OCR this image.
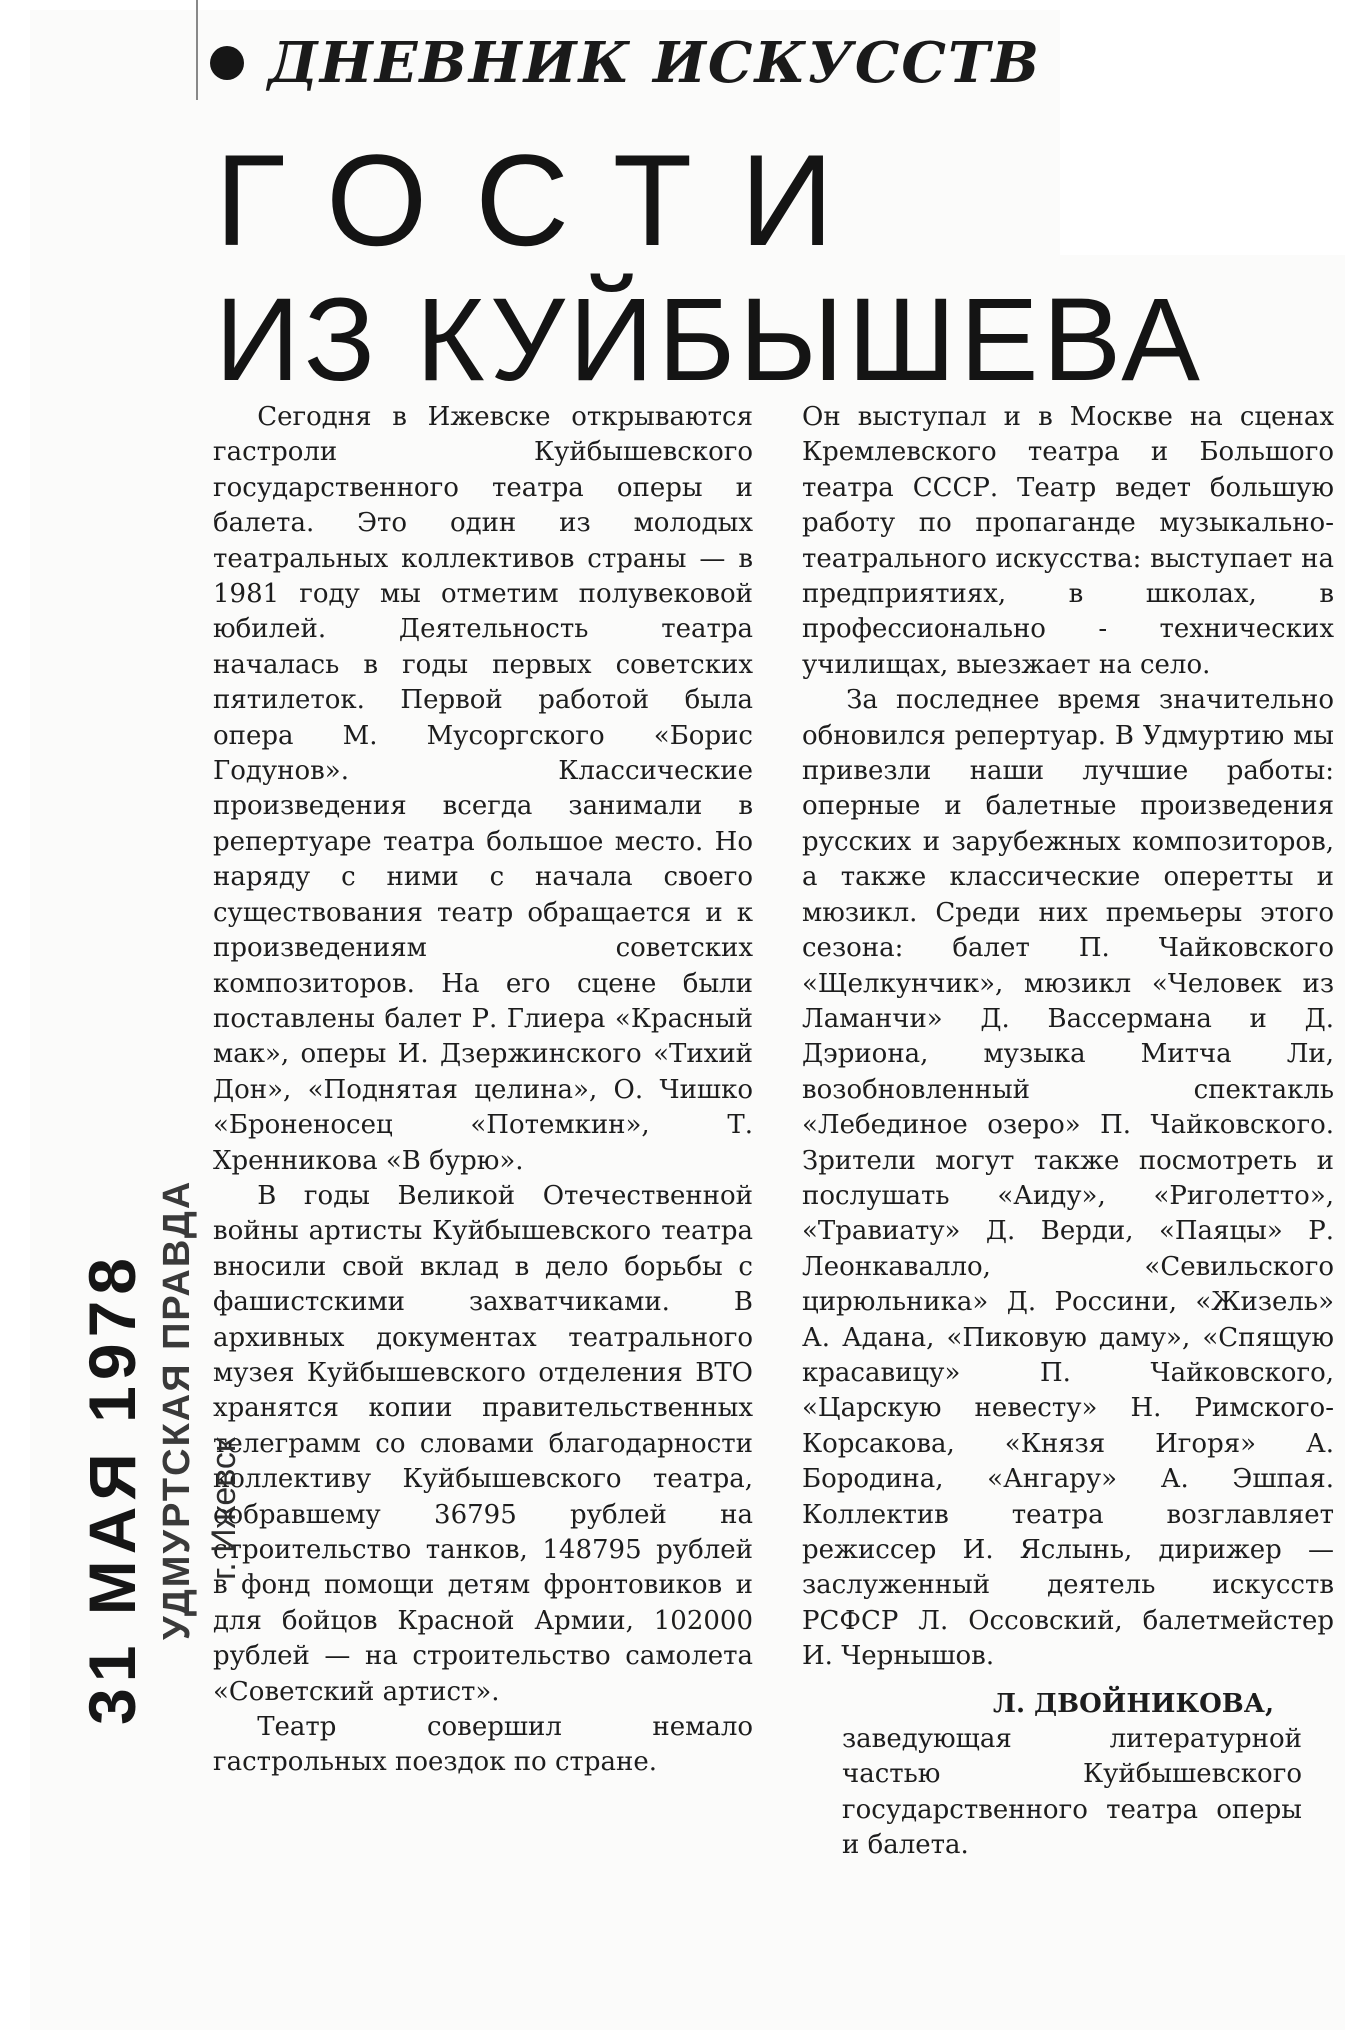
ДНЕВНИК ИСКУССТВ
ГОСТИ
ИЗ КУЙБЫШЕВА

Сегодня в Ижевске открываются гастроли Куйбышевского государственного театра оперы и балета. Это один из молодых театральных коллективов страны — в 1981 году мы отметим полувековой юбилей. Деятельность театра началась в годы первых советских пятилеток. Первой работой была опера М. Мусоргского «Борис Годунов». Классические произведения всегда занимали в репертуаре театра большое место. Но наряду с ними с начала своего существования театр обращается и к произведениям советских композиторов. На его сцене были поставлены балет Р. Глиера «Красный мак», оперы И. Дзержинского «Тихий Дон», «Поднятая целина», О. Чишко «Броненосец «Потемкин», Т. Хренникова «В бурю».

В годы Великой Отечественной войны артисты Куйбышевского театра вносили свой вклад в дело борьбы с фашистскими захватчиками. В архивных документах театрального музея Куйбышевского отделения ВТО хранятся копии правительственных телеграмм со словами благодарности коллективу Куйбышевского театра, собравшему 36795 рублей на строительство танков, 148795 рублей в фонд помощи детям фронтовиков и для бойцов Красной Армии, 102000 рублей — на строительство самолета «Советский артист».

Театр совершил немало гастрольных поездок по стране.

Он выступал и в Москве на сценах Кремлевского театра и Большого театра СССР. Театр ведет большую работу по пропаганде музыкально-театрального искусства: выступает на предприятиях, в школах, в профессионально - технических училищах, выезжает на село.

За последнее время значительно обновился репертуар. В Удмуртию мы привезли наши лучшие работы: оперные и балетные произведения русских и зарубежных композиторов, а также классические оперетты и мюзикл. Среди них премьеры этого сезона: балет П. Чайковского «Щелкунчик», мюзикл «Человек из Ламанчи» Д. Вассермана и Д. Дэриона, музыка Митча Ли, возобновленный спектакль «Лебединое озеро» П. Чайковского. Зрители могут также посмотреть и послушать «Аиду», «Риголетто», «Травиату» Д. Верди, «Паяцы» Р. Леонкавалло, «Севильского цирюльника» Д. Россини, «Жизель» А. Адана, «Пиковую даму», «Спящую красавицу» П. Чайковского, «Царскую невесту» Н. Римского-Корсакова, «Князя Игоря» А. Бородина, «Ангару» А. Эшпая. Коллектив театра возглавляет режиссер И. Яслынь, дирижер — заслуженный деятель искусств РСФСР Л. Оссовский, балетмейстер И. Чернышов.

Л. ДВОЙНИКОВА,
заведующая литературной частью Куйбышевского государственного театра оперы и балета.
УДМУРТСКАЯ ПРАВДА г. Ижевск
31 МАЯ 1978
